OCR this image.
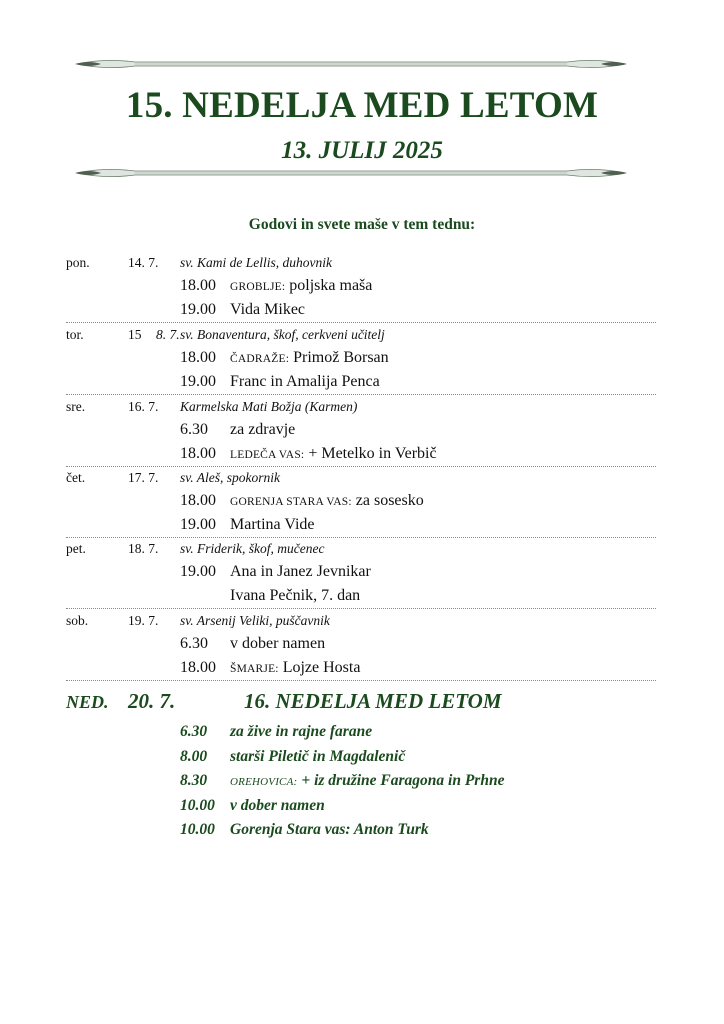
15. NEDELJA MED LETOM
13. JULIJ 2025
Godovi in svete maše v tem tednu:
pon.	14. 7. sv. Kami de Lellis, duhovnik
18.00 GROBLJE: poljska maša
19.00 Vida Mikec
tor.	15 8. 7. sv. Bonaventura, škof, cerkveni učitelj
18.00 ČADRAŽE: Primož Borsan
19.00 Franc in Amalija Penca
sre.	16. 7. Karmelska Mati Božja (Karmen)
6.30 za zdravje
18.00 LEDEČA VAS: + Metelko in Verbič
čet.	17. 7. sv. Aleš, spokornik
18.00 GORENJA STARA VAS: za sosesko
19.00 Martina Vide
pet.	18. 7. sv. Friderik, škof, mučenec
19.00 Ana in Janez Jevnikar
Ivana Pečnik, 7. dan
sob.	19. 7. sv. Arsenij Veliki, puščavnik
6.30 v dober namen
18.00 ŠMARJE: Lojze Hosta
NED. 20. 7.	16. NEDELJA MED LETOM
6.30 za žive in rajne farane
8.00 starši Piletič in Magdalenič
8.30 OREHOVICA: + iz družine Faragona in Prhne
10.00 v dober namen
10.00 Gorenja Stara vas: Anton Turk
